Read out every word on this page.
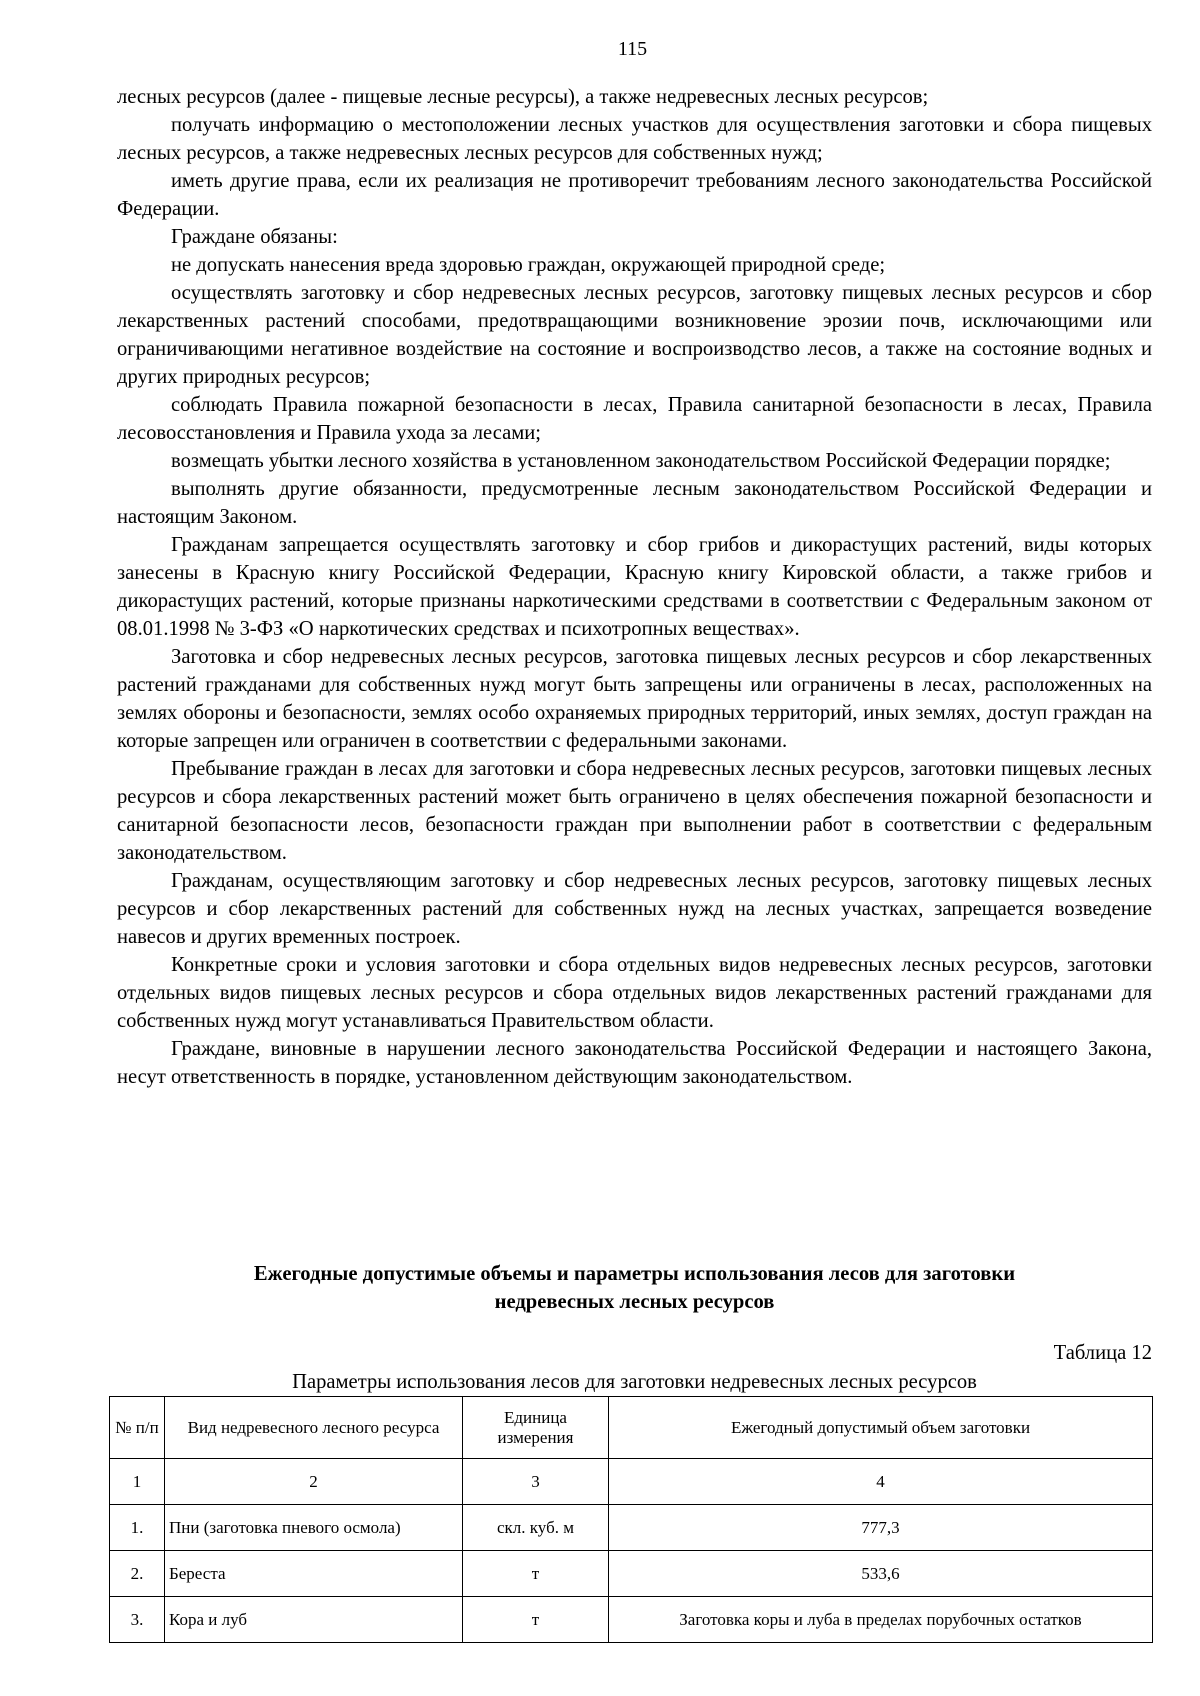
115

лесных ресурсов (далее - пищевые лесные ресурсы), а также недревесных лесных ресурсов;

получать информацию о местоположении лесных участков для осуществления заготовки и сбора пищевых лесных ресурсов, а также недревесных лесных ресурсов для собственных нужд;

иметь другие права, если их реализация не противоречит требованиям лесного законодательства Российской Федерации.

Граждане обязаны:

не допускать нанесения вреда здоровью граждан, окружающей природной среде;

осуществлять заготовку и сбор недревесных лесных ресурсов, заготовку пищевых лесных ресурсов и сбор лекарственных растений способами, предотвращающими возникновение эрозии почв, исключающими или ограничивающими негативное воздействие на состояние и воспроизводство лесов, а также на состояние водных и других природных ресурсов;

соблюдать Правила пожарной безопасности в лесах, Правила санитарной безопасности в лесах, Правила лесовосстановления и Правила ухода за лесами;

возмещать убытки лесного хозяйства в установленном законодательством Российской Федерации порядке;

выполнять другие обязанности, предусмотренные лесным законодательством Российской Федерации и настоящим Законом.

Гражданам запрещается осуществлять заготовку и сбор грибов и дикорастущих растений, виды которых занесены в Красную книгу Российской Федерации, Красную книгу Кировской области, а также грибов и дикорастущих растений, которые признаны наркотическими средствами в соответствии с Федеральным законом от 08.01.1998 № 3-ФЗ «О наркотических средствах и психотропных веществах».

Заготовка и сбор недревесных лесных ресурсов, заготовка пищевых лесных ресурсов и сбор лекарственных растений гражданами для собственных нужд могут быть запрещены или ограничены в лесах, расположенных на землях обороны и безопасности, землях особо охраняемых природных территорий, иных землях, доступ граждан на которые запрещен или ограничен в соответствии с федеральными законами.

Пребывание граждан в лесах для заготовки и сбора недревесных лесных ресурсов, заготовки пищевых лесных ресурсов и сбора лекарственных растений может быть ограничено в целях обеспечения пожарной безопасности и санитарной безопасности лесов, безопасности граждан при выполнении работ в соответствии с федеральным законодательством.

Гражданам, осуществляющим заготовку и сбор недревесных лесных ресурсов, заготовку пищевых лесных ресурсов и сбор лекарственных растений для собственных нужд на лесных участках, запрещается возведение навесов и других временных построек.

Конкретные сроки и условия заготовки и сбора отдельных видов недревесных лесных ресурсов, заготовки отдельных видов пищевых лесных ресурсов и сбора отдельных видов лекарственных растений гражданами для собственных нужд могут устанавливаться Правительством области.

Граждане, виновные в нарушении лесного законодательства Российской Федерации и настоящего Закона, несут ответственность в порядке, установленном действующим законодательством.

Ежегодные допустимые объемы и параметры использования лесов для заготовки
недревесных лесных ресурсов
Таблица 12
Параметры использования лесов для заготовки недревесных лесных ресурсов
№ п/п	Вид недревесного лесного ресурса	Единица измерения	Ежегодный допустимый объем заготовки
1	2	3	4
1.	Пни (заготовка пневого осмола)	скл. куб. м	777,3
2.	Береста	т	533,6
3.	Кора и луб	т	Заготовка коры и луба в пределах порубочных остатков
